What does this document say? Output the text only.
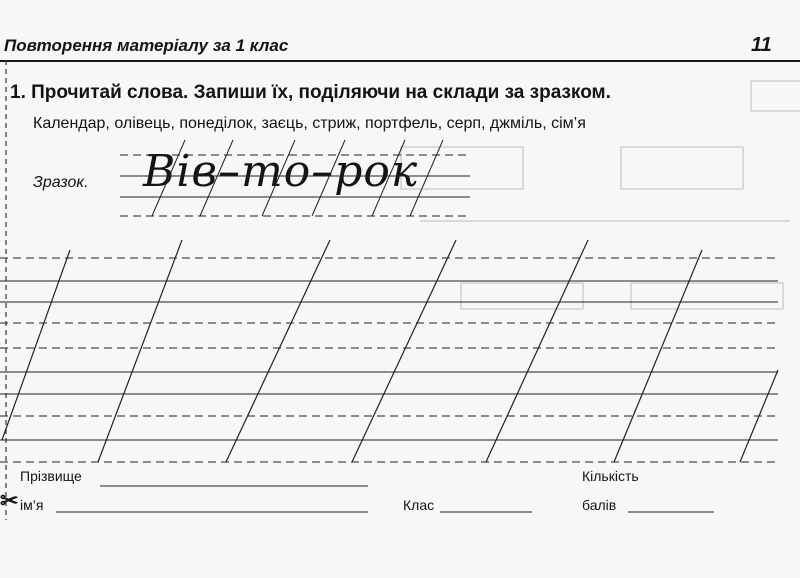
Повторення матеріалу за 1 клас	11
1. Прочитай слова. Запиши їх, поділяючи на склади за зразком.
Календар, олівець, понеділок, заєць, стриж, портфель, серп, джміль, сім’я
Зразок. Вів–то–рок
Прізвище
ім’я	Клас
Кількість
балів
✂
